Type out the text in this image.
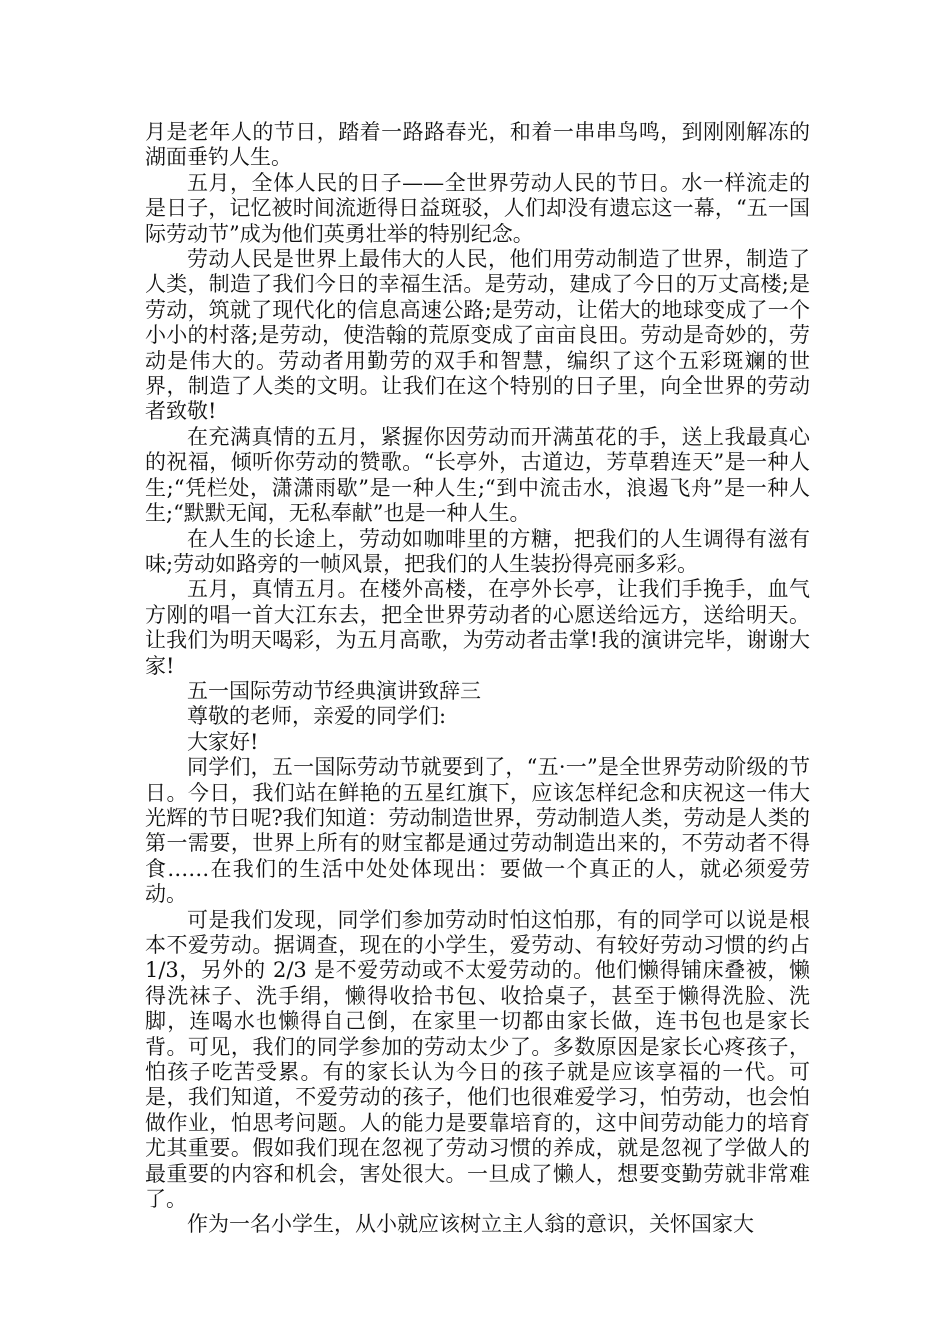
月是老年人的节日，踏着一路路春光，和着一串串鸟鸣，到刚刚解冻的湖面垂钓人生。

五月，全体人民的日子——全世界劳动人民的节日。水一样流走的是日子，记忆被时间流逝得日益斑驳，人们却没有遗忘这一幕，“五一国际劳动节”成为他们英勇壮举的特别纪念。

劳动人民是世界上最伟大的人民，他们用劳动制造了世界，制造了人类，制造了我们今日的幸福生活。是劳动，建成了今日的万丈高楼;是劳动，筑就了现代化的信息高速公路;是劳动，让偌大的地球变成了一个小小的村落;是劳动，使浩翰的荒原变成了亩亩良田。劳动是奇妙的，劳动是伟大的。劳动者用勤劳的双手和智慧，编织了这个五彩斑斓的世界，制造了人类的文明。让我们在这个特别的日子里，向全世界的劳动者致敬!

在充满真情的五月，紧握你因劳动而开满茧花的手，送上我最真心的祝福，倾听你劳动的赞歌。“长亭外，古道边，芳草碧连天”是一种人生;“凭栏处，潇潇雨歇”是一种人生;“到中流击水，浪遏飞舟”是一种人生;“默默无闻，无私奉献”也是一种人生。

在人生的长途上，劳动如咖啡里的方糖，把我们的人生调得有滋有味;劳动如路旁的一帧风景，把我们的人生装扮得亮丽多彩。

五月，真情五月。在楼外高楼，在亭外长亭，让我们手挽手，血气方刚的唱一首大江东去，把全世界劳动者的心愿送给远方，送给明天。让我们为明天喝彩，为五月高歌，为劳动者击掌!我的演讲完毕，谢谢大家!

五一国际劳动节经典演讲致辞三

尊敬的老师，亲爱的同学们:

大家好!

同学们，五一国际劳动节就要到了，“五·一”是全世界劳动阶级的节日。今日，我们站在鲜艳的五星红旗下，应该怎样纪念和庆祝这一伟大光辉的节日呢?我们知道：劳动制造世界，劳动制造人类，劳动是人类的第一需要，世界上所有的财宝都是通过劳动制造出来的，不劳动者不得食……在我们的生活中处处体现出：要做一个真正的人，就必须爱劳动。

可是我们发现，同学们参加劳动时怕这怕那，有的同学可以说是根本不爱劳动。据调查，现在的小学生，爱劳动、有较好劳动习惯的约占 1/3，另外的 2/3 是不爱劳动或不太爱劳动的。他们懒得铺床叠被，懒得洗袜子、洗手绢，懒得收拾书包、收拾桌子，甚至于懒得洗脸、洗脚，连喝水也懒得自己倒，在家里一切都由家长做，连书包也是家长背。可见，我们的同学参加的劳动太少了。多数原因是家长心疼孩子，怕孩子吃苦受累。有的家长认为今日的孩子就是应该享福的一代。可是，我们知道，不爱劳动的孩子，他们也很难爱学习，怕劳动，也会怕做作业，怕思考问题。人的能力是要靠培育的，这中间劳动能力的培育尤其重要。假如我们现在忽视了劳动习惯的养成，就是忽视了学做人的最重要的内容和机会，害处很大。一旦成了懒人，想要变勤劳就非常难了。

作为一名小学生，从小就应该树立主人翁的意识，关怀国家大
